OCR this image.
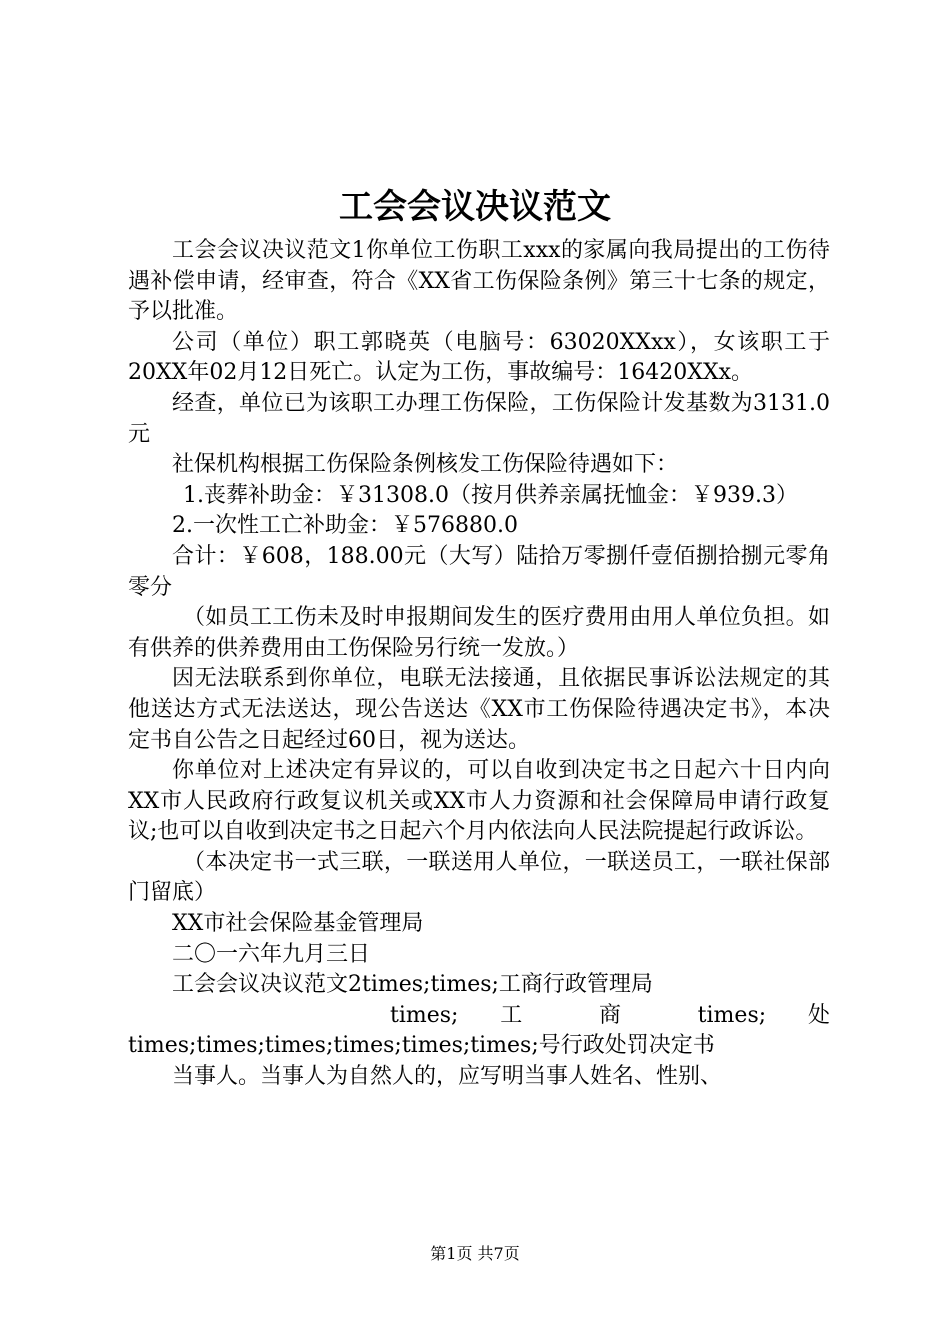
工会会议决议范文

工会会议决议范文1你单位工伤职工xxx的家属向我局提出的工伤待遇补偿申请，经审查，符合《XX省工伤保险条例》第三十七条的规定，予以批准。

公司（单位）职工郭晓英（电脑号：63020XXxx），女该职工于20XX年02月12日死亡。认定为工伤，事故编号：16420XXx。

经查，单位已为该职工办理工伤保险，工伤保险计发基数为3131.0元

社保机构根据工伤保险条例核发工伤保险待遇如下：

1.丧葬补助金：￥31308.0（按月供养亲属抚恤金：￥939.3）

2.一次性工亡补助金：￥576880.0

合计：￥608，188.00元（大写）陆拾万零捌仟壹佰捌拾捌元零角零分

（如员工工伤未及时申报期间发生的医疗费用由用人单位负担。如有供养的供养费用由工伤保险另行统一发放。）

因无法联系到你单位，电联无法接通，且依据民事诉讼法规定的其他送达方式无法送达，现公告送达《XX市工伤保险待遇决定书》，本决定书自公告之日起经过60日，视为送达。

你单位对上述决定有异议的，可以自收到决定书之日起六十日内向XX市人民政府行政复议机关或XX市人力资源和社会保障局申请行政复议;也可以自收到决定书之日起六个月内依法向人民法院提起行政诉讼。

（本决定书一式三联，一联送用人单位，一联送员工，一联社保部门留底）

XX市社会保险基金管理局

二〇一六年九月三日

工会会议决议范文2times;times;工商行政管理局

times; 工 商 times; 处

times;times;times;times;times;times;号行政处罚决定书

当事人。当事人为自然人的，应写明当事人姓名、性别、

第1页 共7页
